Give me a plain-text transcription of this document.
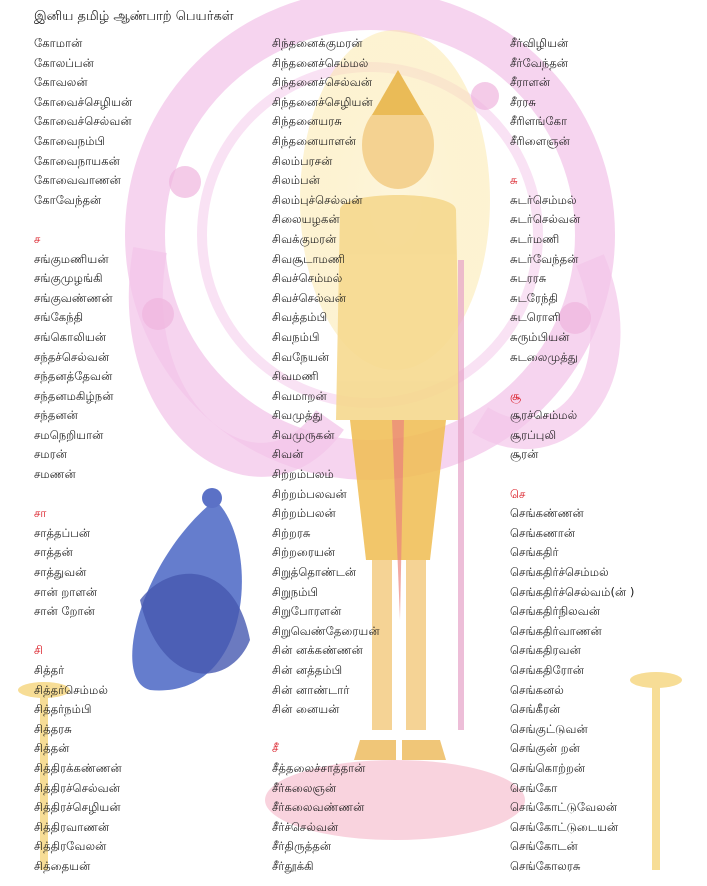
இனிய தமிழ் ஆண்பாற் பெயர்கள்
கோமான்
கோலப்பன்
கோவலன்
கோவைச்செழியன்
கோவைச்செல்வன்
கோவைநம்பி
கோவைநாயகன்
கோவைவாணன்
கோவேந்தன்
ச
சங்குமணியன்
சங்குமுழங்கி
சங்குவண்ணன்
சங்கேந்தி
சங்கொலியன்
சந்தச்செல்வன்
சந்தனத்தேவன்
சந்தனமகிழ்நன்
சந்தனன்
சமநெறியான்
சமரன்
சமணன்
சா
சாத்தப்பன்
சாத்தன்
சாத்துவன்
சான் றாளன்
சான் றோன்
சி
சித்தர்
சித்தர்செம்மல்
சித்தர்நம்பி
சித்தரசு
சித்தன்
சித்திரக்கண்ணன்
சித்திரச்செல்வன்
சித்திரச்செழியன்
சித்திரவாணன்
சித்திரவேலன்
சித்தையன்
சிந்தனைக்குமரன்
சிந்தனைச்செம்மல்
சிந்தனைச்செல்வன்
சிந்தனைச்செழியன்
சிந்தனையரசு
சிந்தனையாளன்
சிலம்பரசன்
சிலம்பன்
சிலம்புச்செல்வன்
சிலையழகன்
சிவக்குமரன்
சிவசூடாமணி
சிவச்செம்மல்
சிவச்செல்வன்
சிவத்தம்பி
சிவநம்பி
சிவநேயன்
சிவமணி
சிவமாறன்
சிவமுத்து
சிவமுருகன்
சிவன்
சிற்றம்பலம்
சிற்றம்பலவன்
சிற்றம்பலன்
சிற்றரசு
சிற்றரையன்
சிறுத்தொண்டன்
சிறுநம்பி
சிறுபோரளன்
சிறுவெண்தேரையன்
சின் னக்கண்ணன்
சின் னத்தம்பி
சின் னாண்டார்
சின் னையன்
சீ
சீத்தலைச்சாத்தான்
சீர்கலைஞன்
சீர்கலைவண்ணன்
சீர்ச்செல்வன்
சீர்திருத்தன்
சீர்தூக்கி
சீர்விழியன்
சீர்வேந்தன்
சீராளன்
சீரரசு
சீரிளங்கோ
சீரிளைஞன்
சு
சுடர்செம்மல்
சுடர்செல்வன்
சுடர்மணி
சுடர்வேந்தன்
சுடரரசு
சுடரேந்தி
சுடரொளி
சுரும்பியன்
சுடலைமுத்து
சூ
சூரச்செம்மல்
சூரப்புலி
சூரன்
செ
செங்கண்ணன்
செங்கணான்
செங்கதிர்
செங்கதிர்ச்செம்மல்
செங்கதிர்ச்செல்வம்(ன் )
செங்கதிர்நிலவன்
செங்கதிர்வாணன்
செங்கதிரவன்
செங்கதிரோன்
செங்கனல்
செங்கீரன்
செங்குட்டுவன்
செங்குன் றன்
செங்கொற்றன்
செங்கோ
செங்கோட்டுவேலன்
செங்கோட்டுடையன்
செங்கோடன்
செங்கோலரசு
